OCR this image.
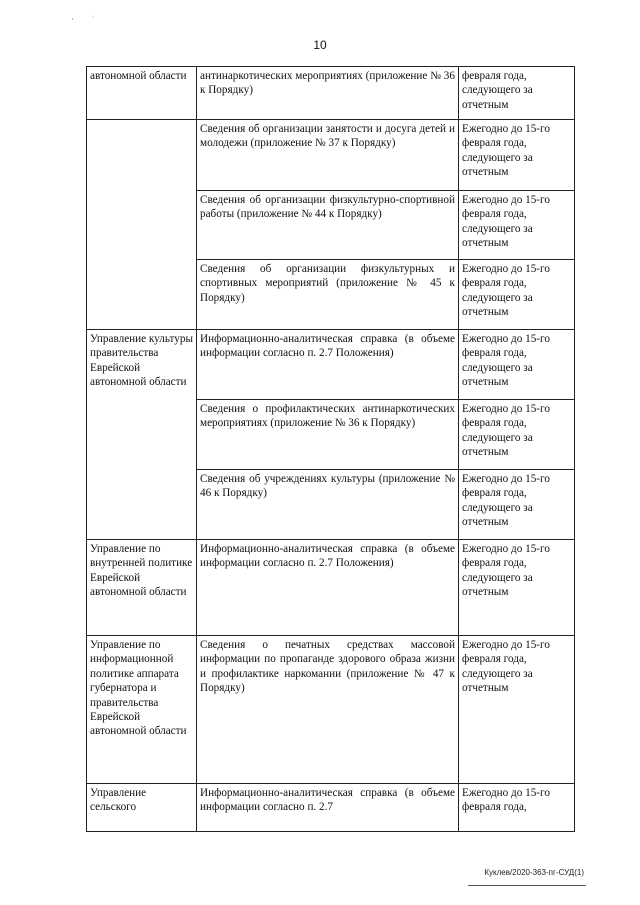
‘
·
10
автономной области	антинаркотических мероприятиях (приложение № 36 к Порядку)	февраля года, следующего за отчетным
	Сведения об организации занятости и досуга детей и молодежи (приложение № 37 к Порядку)	Ежегодно до 15-го февраля года, следующего за отчетным
	Сведения об организации физкультурно-спортивной работы (приложение № 44 к Порядку)	Ежегодно до 15-го февраля года, следующего за отчетным
	Сведения об организации физкультурных и спортивных мероприятий (приложение № 45 к Порядку)	Ежегодно до 15-го февраля года, следующего за отчетным
Управление культуры правительства Еврейской автономной области	Информационно-аналитическая справка (в объеме информации согласно п. 2.7 Положения)	Ежегодно до 15-го февраля года, следующего за отчетным
	Сведения о профилактических антинаркотических мероприятиях (приложение № 36 к Порядку)	Ежегодно до 15-го февраля года, следующего за отчетным
	Сведения об учреждениях культуры (приложение № 46 к Порядку)	Ежегодно до 15-го февраля года, следующего за отчетным
Управление по внутренней политике Еврейской автономной области	Информационно-аналитическая справка (в объеме информации согласно п. 2.7 Положения)	Ежегодно до 15-го февраля года, следующего за отчетным
Управление по информационной политике аппарата губернатора и правительства Еврейской автономной области	Сведения о печатных средствах массовой информации по пропаганде здорового образа жизни и профилактике наркомании (приложение № 47 к Порядку)	Ежегодно до 15-го февраля года, следующего за отчетным
Управление сельского	Информационно-аналитическая справка (в объеме информации согласно п. 2.7	Ежегодно до 15-го февраля года,
Куклев/2020-363-пг-СУД(1)
